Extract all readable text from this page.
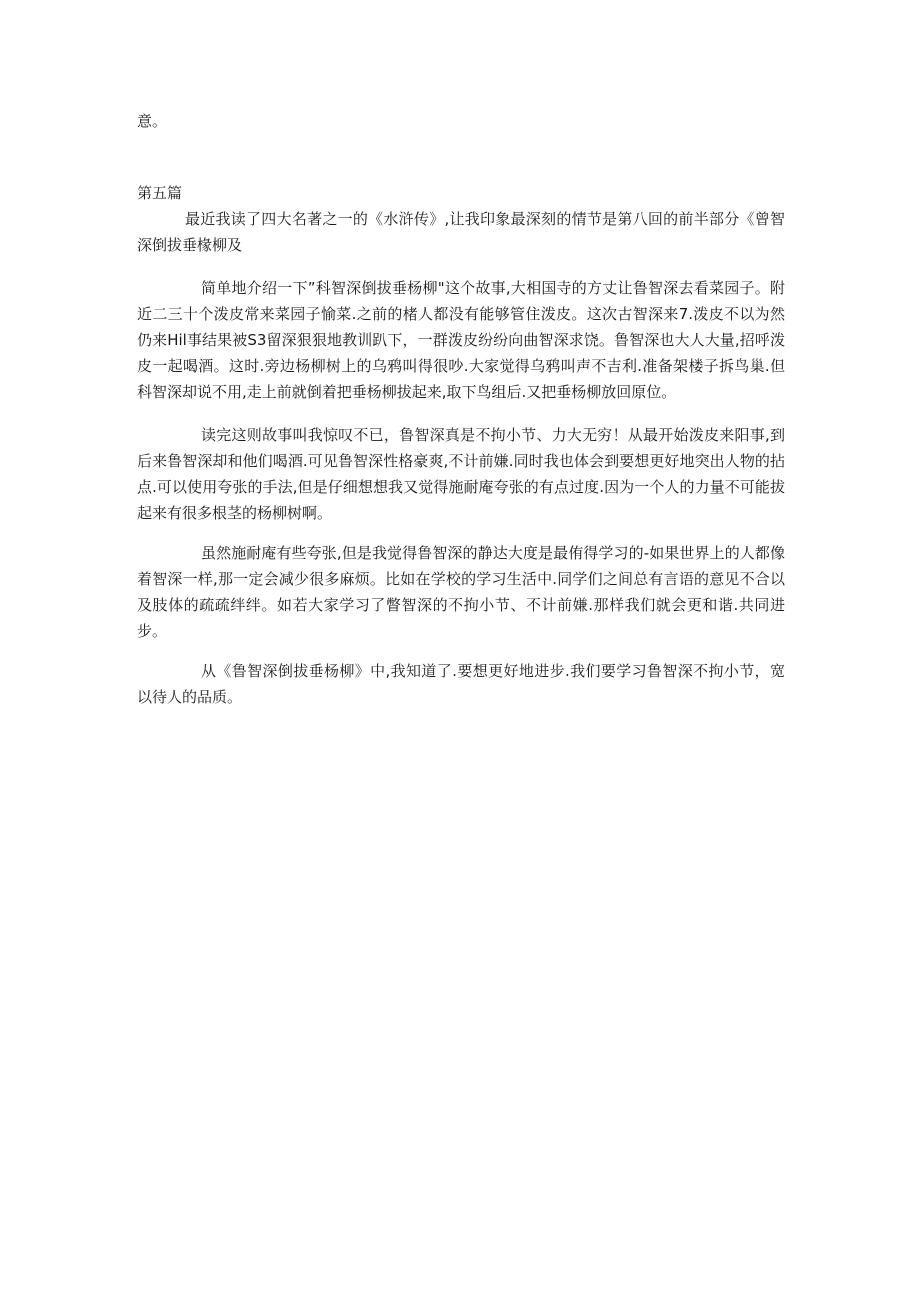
意。
第五篇
最近我读了四大名著之一的《水浒传》,让我印象最深刻的情节是第八回的前半部分《曾智深倒拔垂椽柳及
简单地介绍一下”科智深倒拔垂杨柳"这个故事,大相国寺的方丈让鲁智深去看菜园子。附近二三十个泼皮常来菜园子愉菜.之前的楮人都没有能够管住泼皮。这次古智深来7.泼皮不以为然仍来Hil事结果被S3留深狠狠地教训趴下，一群泼皮纷纷向曲智深求饶。鲁智深也大人大量,招呼泼皮一起喝酒。这时.旁边杨柳树上的乌鸦叫得很吵.大家觉得乌鸦叫声不吉利.准备架楼子拆鸟巢.但科智深却说不用,走上前就倒着把垂杨柳拔起来,取下鸟组后.又把垂杨柳放回原位。
读完这则故事叫我惊叹不已，鲁智深真是不拘小节、力大无穷！从最开始泼皮来阳事,到后来鲁智深却和他们喝酒.可见鲁智深性格豪爽,不计前嫌.同时我也体会到要想更好地突出人物的拈点.可以使用夸张的手法,但是仔细想想我又觉得施耐庵夸张的有点过度.因为一个人的力量不可能拔起来有很多根茎的杨柳树啊。
虽然施耐庵有些夸张,但是我觉得鲁智深的静达大度是最侑得学习的-如果世界上的人都像着智深一样,那一定会减少很多麻烦。比如在学校的学习生活中.同学们之间总有言语的意见不合以及肢体的疏疏绊绊。如若大家学习了瞥智深的不拘小节、不计前嫌.那样我们就会更和谐.共同进步。
从《鲁智深倒拔垂杨柳》中,我知道了.要想更好地进步.我们要学习鲁智深不拘小节，宽以待人的品质。
